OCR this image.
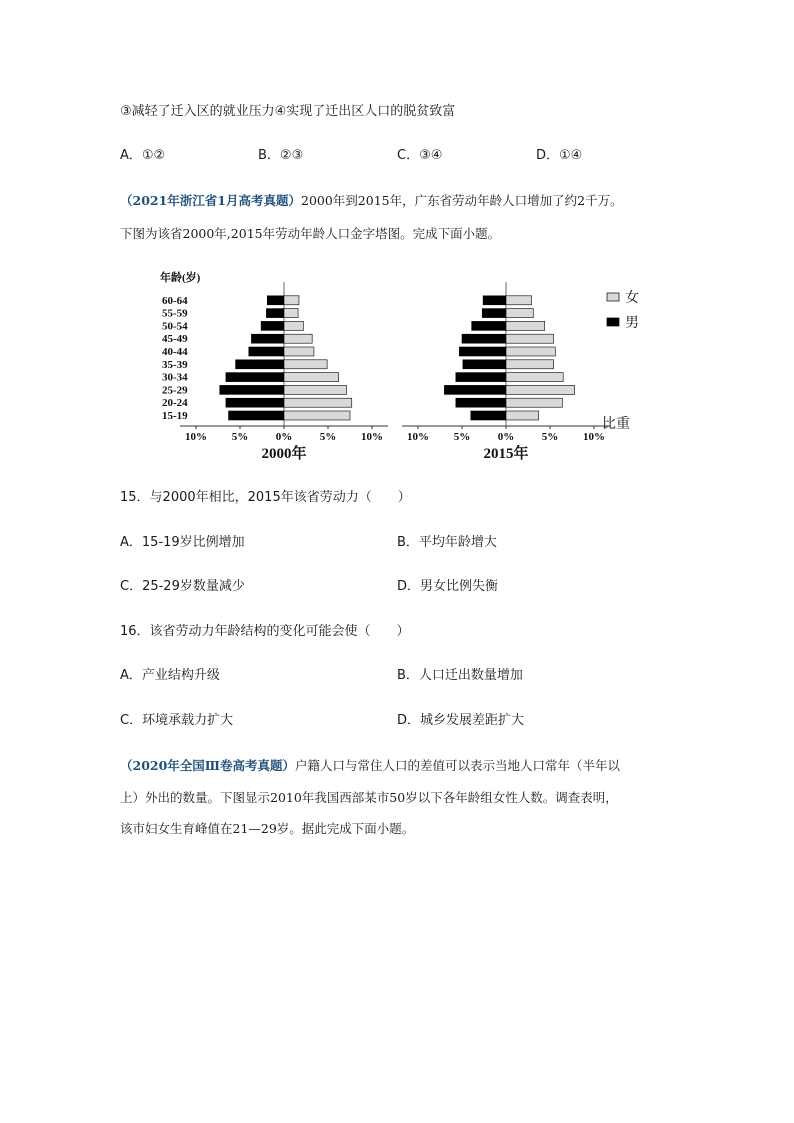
③减轻了迁入区的就业压力④实现了迁出区人口的脱贫致富
A．①②	B．②③	C．③④	D．①④
（2021年浙江省1月高考真题）2000年到2015年，广东省劳动年龄人口增加了约2千万。
下图为该省2000年,2015年劳动年龄人口金字塔图。完成下面小题。
年龄(岁)
15-19
20-24
25-29
30-34
35-39
40-44
45-49
50-54
55-59
60-64
10% 5%	0%	5% 10%
2000年
10% 5%	0%	5% 10%
2015年
比重
女
男
15．与2000年相比，2015年该省劳动力（　　）
A．15-19岁比例增加	B．平均年龄增大
C．25-29岁数量减少	D．男女比例失衡
16．该省劳动力年龄结构的变化可能会使（　　）
A．产业结构升级	B．人口迁出数量增加
C．环境承载力扩大	D．城乡发展差距扩大
（2020年全国Ⅲ卷高考真题）户籍人口与常住人口的差值可以表示当地人口常年（半年以
上）外出的数量。下图显示2010年我国西部某市50岁以下各年龄组女性人数。调查表明，
该市妇女生育峰值在21—29岁。据此完成下面小题。
